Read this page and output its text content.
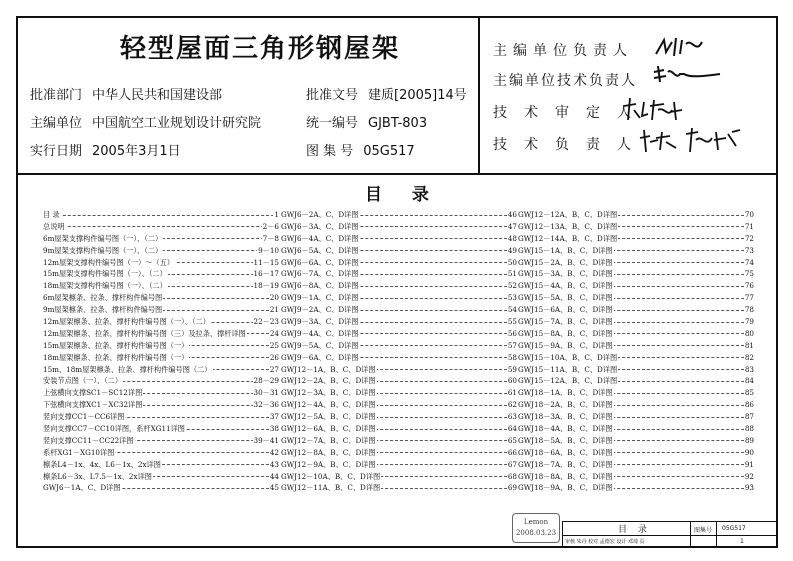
轻型屋面三角形钢屋架
批准部门 中华人民共和国建设部	批准文号 建质[2005]14号
主编单位 中国航空工业规划设计研究院	统一编号 GJBT-803
实行日期 2005年3月1日	图 集 号 05G517
主编单位负责人
主编单位技术负责人
技术审定人
技术负责人
目 录
目 录	1
总说明	2－6
6m屋架支撑构件编号图（一）、（二）	7－8
9m屋架支撑构件编号图（一）、（二）	9－10
12m屋架支撑构件编号图（一）～（五）	11－15
15m屋架支撑构件编号图（一）、（二）	16－17
18m屋架支撑构件编号图（一）、（二）	18－19
6m屋架檩条、拉条、撑杆构件编号图	20
9m屋架檩条、拉条、撑杆构件编号图	21
12m屋架檩条、拉条、撑杆构件编号图（一）、（二）	22－23
12m屋架檩条、拉条、撑杆构件编号图（三）及拉条、撑杆详图	24
15m屋架檩条、拉条、撑杆构件编号图（一）	25
18m屋架檩条、拉条、撑杆构件编号图（一）	26
15m、18m屋架檩条、拉条、撑杆构件编号图（二）	27
安装节点图（一）、（二）	28－29
上弦横向支撑SC1－SC12详图	30－31
下弦横向支撑XC1－XC32详图	32－36
竖向支撑CC1－CC6详图	37
竖向支撑CC7－CC10详图，系杆XG11详图	38
竖向支撑CC11－CC22详图	39－41
系杆XG1－XG10详图	42
檩条L4－1x、4x、L6－1x、2x详图	43
檩条L6－3x、L7.5－1x、2x详图	44
GWJ6－1A、C、D详图	45
GWJ6－2A、C、D详图	46
GWJ6－3A、C、D详图	47
GWJ6－4A、C、D详图	48
GWJ6－5A、C、D详图	49
GWJ6－6A、C、D详图	50
GWJ6－7A、C、D详图	51
GWJ6－8A、C、D详图	52
GWJ9－1A、C、D详图	53
GWJ9－2A、C、D详图	54
GWJ9－3A、C、D详图	55
GWJ9－4A、C、D详图	56
GWJ9－5A、C、D详图	57
GWJ9－6A、C、D详图	58
GWJ12－1A、B、C、D详图	59
GWJ12－2A、B、C、D详图	60
GWJ12－3A、B、C、D详图	61
GWJ12－4A、B、C、D详图	62
GWJ12－5A、B、C、D详图	63
GWJ12－6A、B、C、D详图	64
GWJ12－7A、B、C、D详图	65
GWJ12－8A、B、C、D详图	66
GWJ12－9A、B、C、D详图	67
GWJ12－10A、B、C、D详图	68
GWJ12－11A、B、C、D详图	69
GWJ12－12A、B、C、D详图	70
GWJ12－13A、B、C、D详图	71
GWJ12－14A、B、C、D详图	72
GWJ15－1A、B、C、D详图	73
GWJ15－2A、B、C、D详图	74
GWJ15－3A、B、C、D详图	75
GWJ15－4A、B、C、D详图	76
GWJ15－5A、B、C、D详图	77
GWJ15－6A、B、C、D详图	78
GWJ15－7A、B、C、D详图	79
GWJ15－8A、B、C、D详图	80
GWJ15－9A、B、C、D详图	81
GWJ15－10A、B、C、D详图	82
GWJ15－11A、B、C、D详图	83
GWJ15－12A、B、C、D详图	84
GWJ18－1A、B、C、D详图	85
GWJ18－2A、B、C、D详图	86
GWJ18－3A、B、C、D详图	87
GWJ18－4A、B、C、D详图	88
GWJ18－5A、B、C、D详图	89
GWJ18－6A、B、C、D详图	90
GWJ18－7A、B、C、D详图	91
GWJ18－8A、B、C、D详图	92
GWJ18－9A、B、C、D详图	93
Lemon
2008.03.23	目 录	图集号 05G517
审核 朱丹 校对 孟德宏 设计 邓琦 页	1
